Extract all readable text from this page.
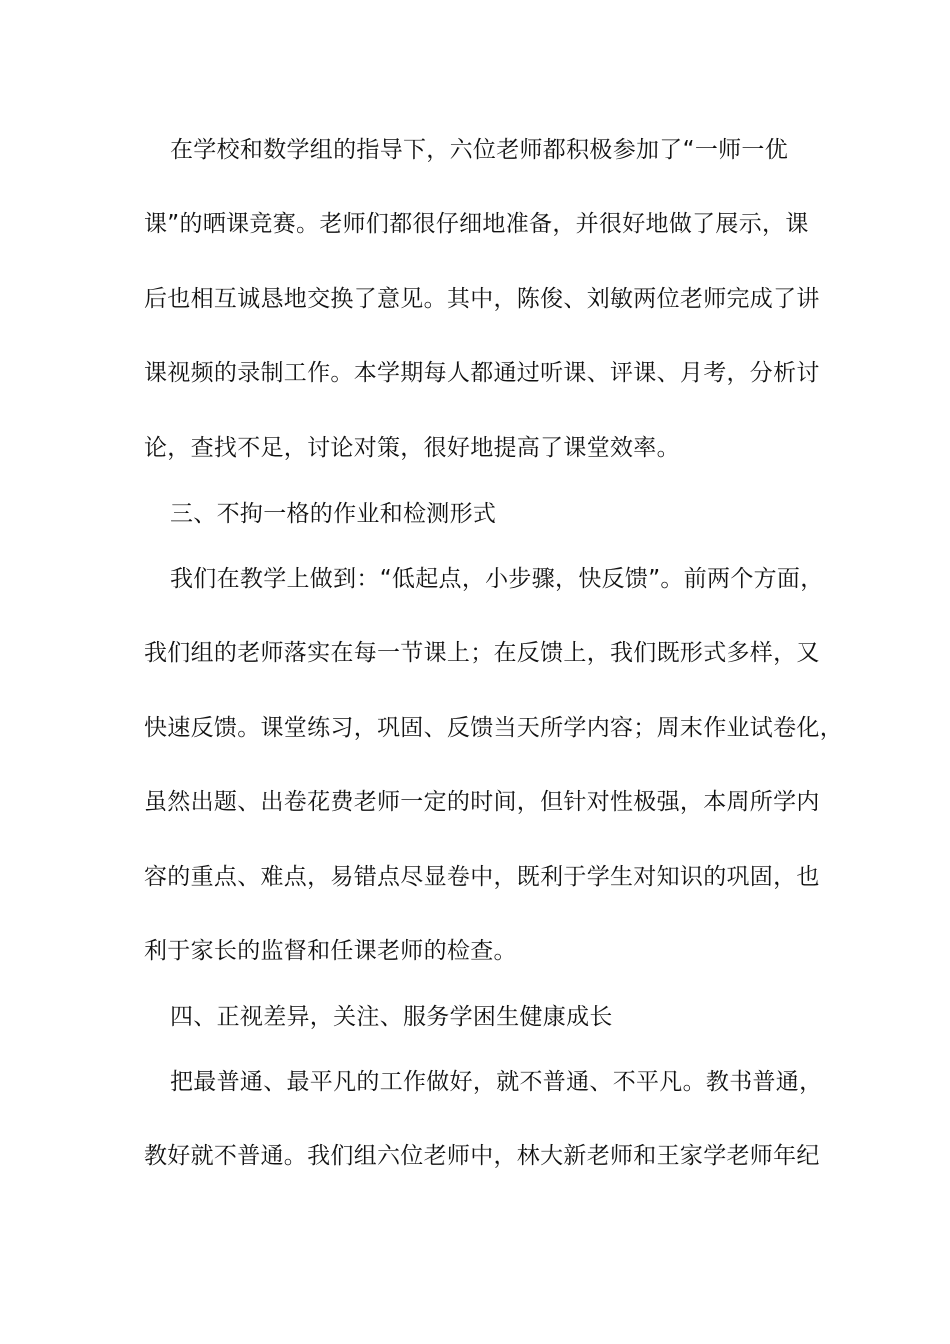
在学校和数学组的指导下，六位老师都积极参加了“一师一优
课”的晒课竞赛。老师们都很仔细地准备，并很好地做了展示，课
后也相互诚恳地交换了意见。其中，陈俊、刘敏两位老师完成了讲
课视频的录制工作。本学期每人都通过听课、评课、月考，分析讨
论，查找不足，讨论对策，很好地提高了课堂效率。
三、不拘一格的作业和检测形式
我们在教学上做到：“低起点，小步骤，快反馈”。前两个方面，
我们组的老师落实在每一节课上；在反馈上，我们既形式多样，又
快速反馈。课堂练习，巩固、反馈当天所学内容；周末作业试卷化，
虽然出题、出卷花费老师一定的时间，但针对性极强，本周所学内
容的重点、难点，易错点尽显卷中，既利于学生对知识的巩固，也
利于家长的监督和任课老师的检查。
四、正视差异，关注、服务学困生健康成长
把最普通、最平凡的工作做好，就不普通、不平凡。教书普通，
教好就不普通。我们组六位老师中，林大新老师和王家学老师年纪
